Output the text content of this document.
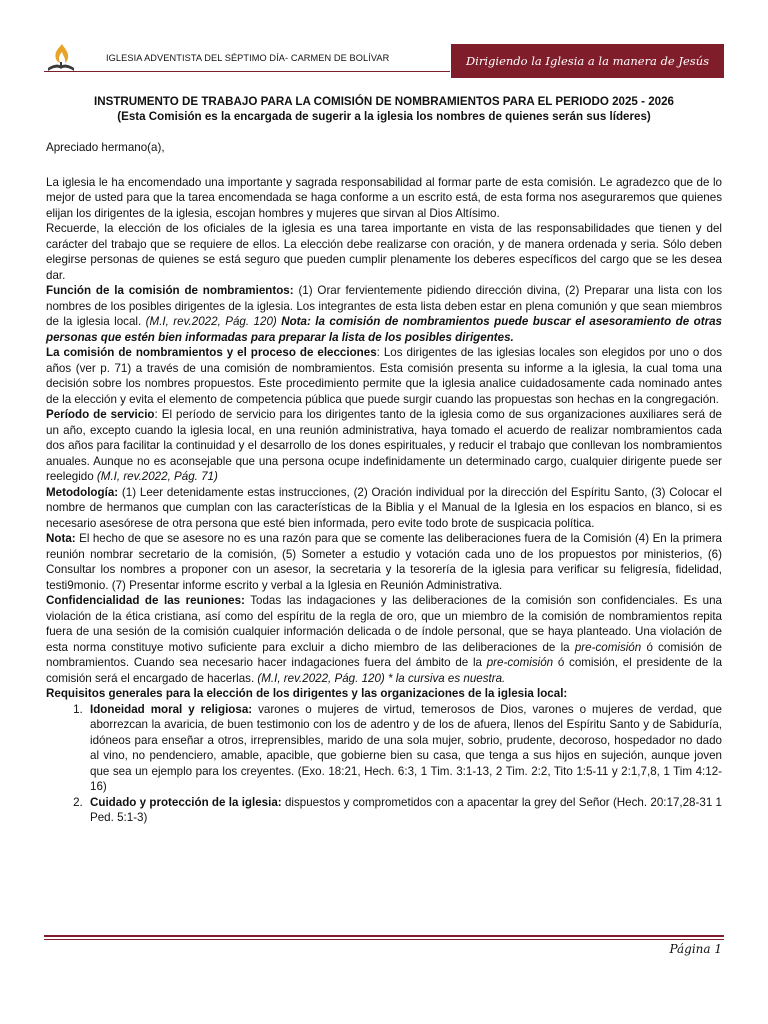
IGLESIA ADVENTISTA DEL SÉPTIMO DÍA- CARMEN DE BOLÍVAR	Dirigiendo la Iglesia a la manera de Jesús
INSTRUMENTO DE TRABAJO PARA LA COMISIÓN DE NOMBRAMIENTOS PARA EL PERIODO 2025 - 2026
(Esta Comisión es la encargada de sugerir a la iglesia los nombres de quienes serán sus líderes)
Apreciado hermano(a),

La iglesia le ha encomendado una importante y sagrada responsabilidad al formar parte de esta comisión. Le agradezco que de lo mejor de usted para que la tarea encomendada se haga conforme a un escrito está, de esta forma nos aseguraremos que quienes elijan los dirigentes de la iglesia, escojan hombres y mujeres que sirvan al Dios Altísimo.

Recuerde, la elección de los oficiales de la iglesia es una tarea importante en vista de las responsabilidades que tienen y del carácter del trabajo que se requiere de ellos. La elección debe realizarse con oración, y de manera ordenada y seria. Sólo deben elegirse personas de quienes se está seguro que pueden cumplir plenamente los deberes específicos del cargo que se les desea dar.

Función de la comisión de nombramientos: (1) Orar fervientemente pidiendo dirección divina, (2) Preparar una lista con los nombres de los posibles dirigentes de la iglesia. Los integrantes de esta lista deben estar en plena comunión y que sean miembros de la iglesia local. (M.I, rev.2022, Pág. 120) Nota: la comisión de nombramientos puede buscar el asesoramiento de otras personas que estén bien informadas para preparar la lista de los posibles dirigentes.

La comisión de nombramientos y el proceso de elecciones: Los dirigentes de las iglesias locales son elegidos por uno o dos años (ver p. 71) a través de una comisión de nombramientos. Esta comisión presenta su informe a la iglesia, la cual toma una decisión sobre los nombres propuestos. Este procedimiento permite que la iglesia analice cuidadosamente cada nominado antes de la elección y evita el elemento de competencia pública que puede surgir cuando las propuestas son hechas en la congregación.

Período de servicio: El período de servicio para los dirigentes tanto de la iglesia como de sus organizaciones auxiliares será de un año, excepto cuando la iglesia local, en una reunión administrativa, haya tomado el acuerdo de realizar nombramientos cada dos años para facilitar la continuidad y el desarrollo de los dones espirituales, y reducir el trabajo que conllevan los nombramientos anuales. Aunque no es aconsejable que una persona ocupe indefinidamente un determinado cargo, cualquier dirigente puede ser reelegido (M.I, rev.2022, Pág. 71)

Metodología: (1) Leer detenidamente estas instrucciones, (2) Oración individual por la dirección del Espíritu Santo, (3) Colocar el nombre de hermanos que cumplan con las características de la Biblia y el Manual de la Iglesia en los espacios en blanco, si es necesario asesórese de otra persona que esté bien informada, pero evite todo brote de suspicacia política.

Nota: El hecho de que se asesore no es una razón para que se comente las deliberaciones fuera de la Comisión (4) En la primera reunión nombrar secretario de la comisión, (5) Someter a estudio y votación cada uno de los propuestos por ministerios, (6) Consultar los nombres a proponer con un asesor, la secretaria y la tesorería de la iglesia para verificar su feligresía, fidelidad, testi9monio. (7) Presentar informe escrito y verbal a la Iglesia en Reunión Administrativa.

Confidencialidad de las reuniones: Todas las indagaciones y las deliberaciones de la comisión son confidenciales. Es una violación de la ética cristiana, así como del espíritu de la regla de oro, que un miembro de la comisión de nombramientos repita fuera de una sesión de la comisión cualquier información delicada o de índole personal, que se haya planteado. Una violación de esta norma constituye motivo suficiente para excluir a dicho miembro de las deliberaciones de la pre-comisión ó comisión de nombramientos. Cuando sea necesario hacer indagaciones fuera del ámbito de la pre-comisión ó comisión, el presidente de la comisión será el encargado de hacerlas. (M.I, rev.2022, Pág. 120) * la cursiva es nuestra.

Requisitos generales para la elección de los dirigentes y las organizaciones de la iglesia local:

1. Idoneidad moral y religiosa: varones o mujeres de virtud, temerosos de Dios, varones o mujeres de verdad, que aborrezcan la avaricia, de buen testimonio con los de adentro y de los de afuera, llenos del Espíritu Santo y de Sabiduría, idóneos para enseñar a otros, irreprensibles, marido de una sola mujer, sobrio, prudente, decoroso, hospedador no dado al vino, no pendenciero, amable, apacible, que gobierne bien su casa, que tenga a sus hijos en sujeción, aunque joven que sea un ejemplo para los creyentes. (Exo. 18:21, Hech. 6:3, 1 Tim. 3:1-13, 2 Tim. 2:2, Tito 1:5-11 y 2:1,7,8, 1 Tim 4:12-16)
2. Cuidado y protección de la iglesia: dispuestos y comprometidos con a apacentar la grey del Señor (Hech. 20:17,28-31 1 Ped. 5:1-3)
Página 1
